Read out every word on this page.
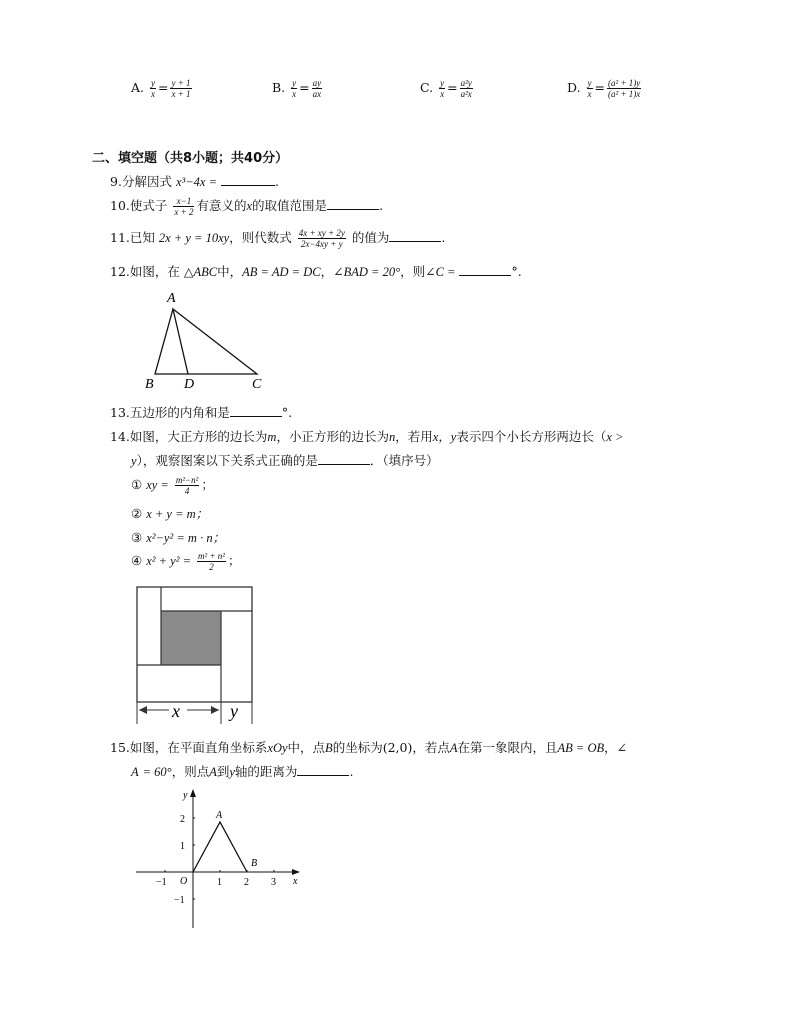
A. $\frac{y}{x} = \frac{y + 1}{x + 1}$	B. $\frac{y}{x} = \frac{ay}{ax}$	C. $\frac{y}{x} = \frac{\text{a²y}}{\text{a²x}}$	D. $\frac{y}{x} = \frac{\text{(a² + 1)y}}{\text{(a² + 1)x}}$
二、填空题（共8小题；共40分）
9.分解因式 x³−4x =	.
10.使式子 $\frac{x-1}{x + 2}$ 有意义的x的取值范围是	.
11.已知 2x + y = 10xy，则代数式 $\frac{4x + xy + 2y}{2x-4xy + y}$ 的值为	.
12.如图，在 △ABC中，AB = AD = DC，∠BAD = 20°，则∠C =	°.
A
B D	C
13.五边形的内角和是	°.
14.如图，大正方形的边长为m，小正方形的边长为n，若用x，y表示四个小长方形两边长（x >
y），观察图案以下关系式正确的是	．（填序号）
① xy = $\frac{\text{m²−n²}}{4}$ ；
② x + y = m；
③ x²−y² = m · n；
④ $x^2 + y^2 = \frac{\text{m² + n²}}{2}$ ；
x	y
15.如图，在平面直角坐标系xOy中，点B的坐标为(2,0)，若点A在第一象限内，且AB = OB，∠
A = 60°，则点A到y轴的距离为	.
y
x
O
A
B
−1	1 2 3
2
1
−1
